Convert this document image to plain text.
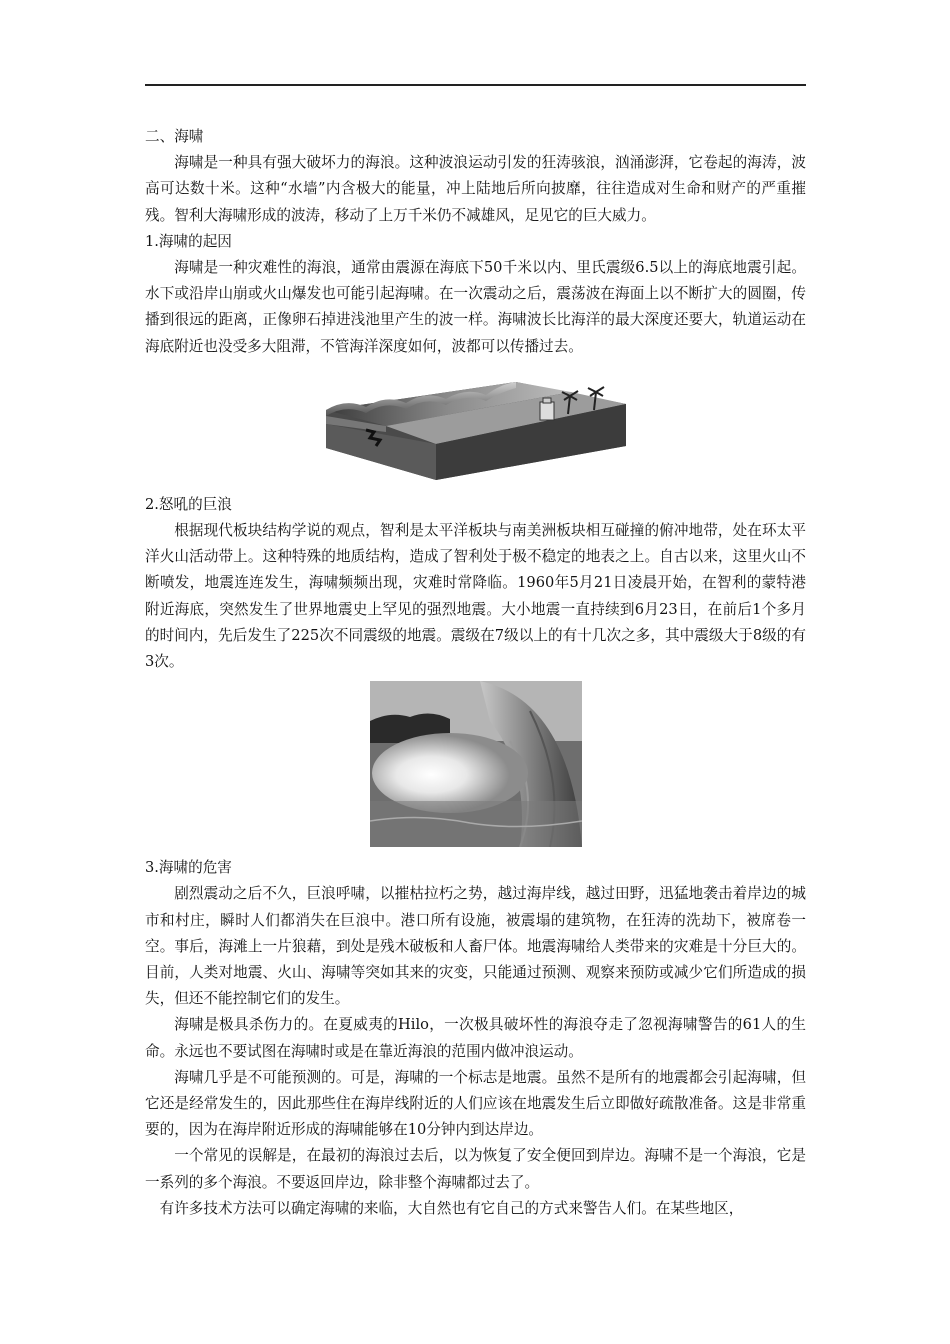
二、海啸

海啸是一种具有强大破坏力的海浪。这种波浪运动引发的狂涛骇浪，汹涌澎湃，它卷起的海涛，波高可达数十米。这种“水墙”内含极大的能量，冲上陆地后所向披靡，往往造成对生命和财产的严重摧残。智利大海啸形成的波涛，移动了上万千米仍不减雄风，足见它的巨大威力。

1.海啸的起因

海啸是一种灾难性的海浪，通常由震源在海底下50千米以内、里氏震级6.5以上的海底地震引起。水下或沿岸山崩或火山爆发也可能引起海啸。在一次震动之后，震荡波在海面上以不断扩大的圆圈，传播到很远的距离，正像卵石掉进浅池里产生的波一样。海啸波长比海洋的最大深度还要大，轨道运动在海底附近也没受多大阻滞，不管海洋深度如何，波都可以传播过去。

2.怒吼的巨浪

根据现代板块结构学说的观点，智利是太平洋板块与南美洲板块相互碰撞的俯冲地带，处在环太平洋火山活动带上。这种特殊的地质结构，造成了智利处于极不稳定的地表之上。自古以来，这里火山不断喷发，地震连连发生，海啸频频出现，灾难时常降临。1960年5月21日凌晨开始，在智利的蒙特港附近海底，突然发生了世界地震史上罕见的强烈地震。大小地震一直持续到6月23日，在前后1个多月的时间内，先后发生了225次不同震级的地震。震级在7级以上的有十几次之多，其中震级大于8级的有3次。

3.海啸的危害

剧烈震动之后不久，巨浪呼啸，以摧枯拉朽之势，越过海岸线，越过田野，迅猛地袭击着岸边的城市和村庄，瞬时人们都消失在巨浪中。港口所有设施，被震塌的建筑物，在狂涛的洗劫下，被席卷一空。事后，海滩上一片狼藉，到处是残木破板和人畜尸体。地震海啸给人类带来的灾难是十分巨大的。目前，人类对地震、火山、海啸等突如其来的灾变，只能通过预测、观察来预防或减少它们所造成的损失，但还不能控制它们的发生。

海啸是极具杀伤力的。在夏威夷的Hilo，一次极具破坏性的海浪夺走了忽视海啸警告的61人的生命。永远也不要试图在海啸时或是在靠近海浪的范围内做冲浪运动。

海啸几乎是不可能预测的。可是，海啸的一个标志是地震。虽然不是所有的地震都会引起海啸，但它还是经常发生的，因此那些住在海岸线附近的人们应该在地震发生后立即做好疏散准备。这是非常重要的，因为在海岸附近形成的海啸能够在10分钟内到达岸边。

一个常见的误解是，在最初的海浪过去后，以为恢复了安全便回到岸边。海啸不是一个海浪，它是一系列的多个海浪。不要返回岸边，除非整个海啸都过去了。

有许多技术方法可以确定海啸的来临，大自然也有它自己的方式来警告人们。在某些地区，
